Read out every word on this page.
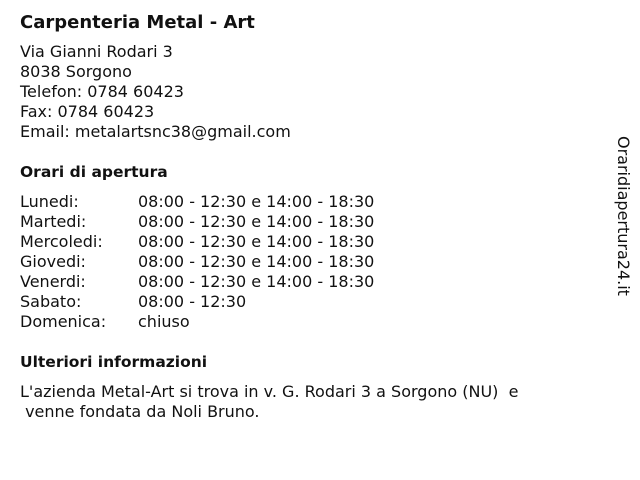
Carpenteria Metal - Art
Via Gianni Rodari 3
8038 Sorgono
Telefon: 0784 60423
Fax: 0784 60423
Email: metalartsnc38@gmail.com
Orari di apertura
Lunedi:	08:00 - 12:30 e 14:00 - 18:30
Martedi:	08:00 - 12:30 e 14:00 - 18:30
Mercoledi:	08:00 - 12:30 e 14:00 - 18:30
Giovedi:	08:00 - 12:30 e 14:00 - 18:30
Venerdi:	08:00 - 12:30 e 14:00 - 18:30
Sabato:	08:00 - 12:30
Domenica:	chiuso
Ulteriori informazioni
L'azienda Metal-Art si trova in v. G. Rodari 3 a Sorgono (NU)  e
venne fondata da Noli Bruno.
Oraridiapertura24.it
